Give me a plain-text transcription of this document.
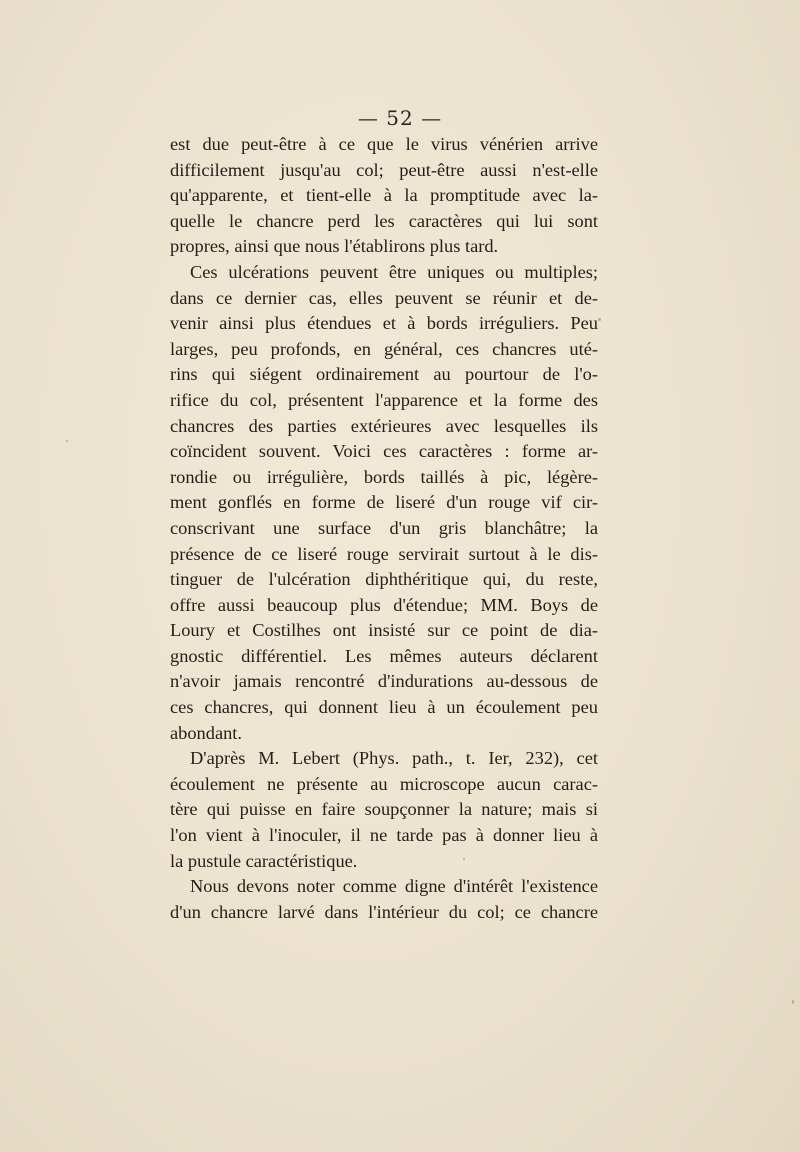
— 52 —
est due peut-être à ce que le virus vénérien arrive
difficilement jusqu'au col; peut-être aussi n'est-elle
qu'apparente, et tient-elle à la promptitude avec la-
quelle le chancre perd les caractères qui lui sont
propres, ainsi que nous l'établirons plus tard.
Ces ulcérations peuvent être uniques ou multiples;
dans ce dernier cas, elles peuvent se réunir et de-
venir ainsi plus étendues et à bords irréguliers. Peu
larges, peu profonds, en général, ces chancres uté-
rins qui siégent ordinairement au pourtour de l'o-
rifice du col, présentent l'apparence et la forme des
chancres des parties extérieures avec lesquelles ils
coïncident souvent. Voici ces caractères : forme ar-
rondie ou irrégulière, bords taillés à pic, légère-
ment gonflés en forme de liseré d'un rouge vif cir-
conscrivant une surface d'un gris blanchâtre; la
présence de ce liseré rouge servirait surtout à le dis-
tinguer de l'ulcération diphthéritique qui, du reste,
offre aussi beaucoup plus d'étendue; MM. Boys de
Loury et Costilhes ont insisté sur ce point de dia-
gnostic différentiel. Les mêmes auteurs déclarent
n'avoir jamais rencontré d'indurations au-dessous de
ces chancres, qui donnent lieu à un écoulement peu
abondant.
D'après M. Lebert (Phys. path., t. Ier, 232), cet
écoulement ne présente au microscope aucun carac-
tère qui puisse en faire soupçonner la nature; mais si
l'on vient à l'inoculer, il ne tarde pas à donner lieu à
la pustule caractéristique.
Nous devons noter comme digne d'intérêt l'existence
d'un chancre larvé dans l'intérieur du col; ce chancre
